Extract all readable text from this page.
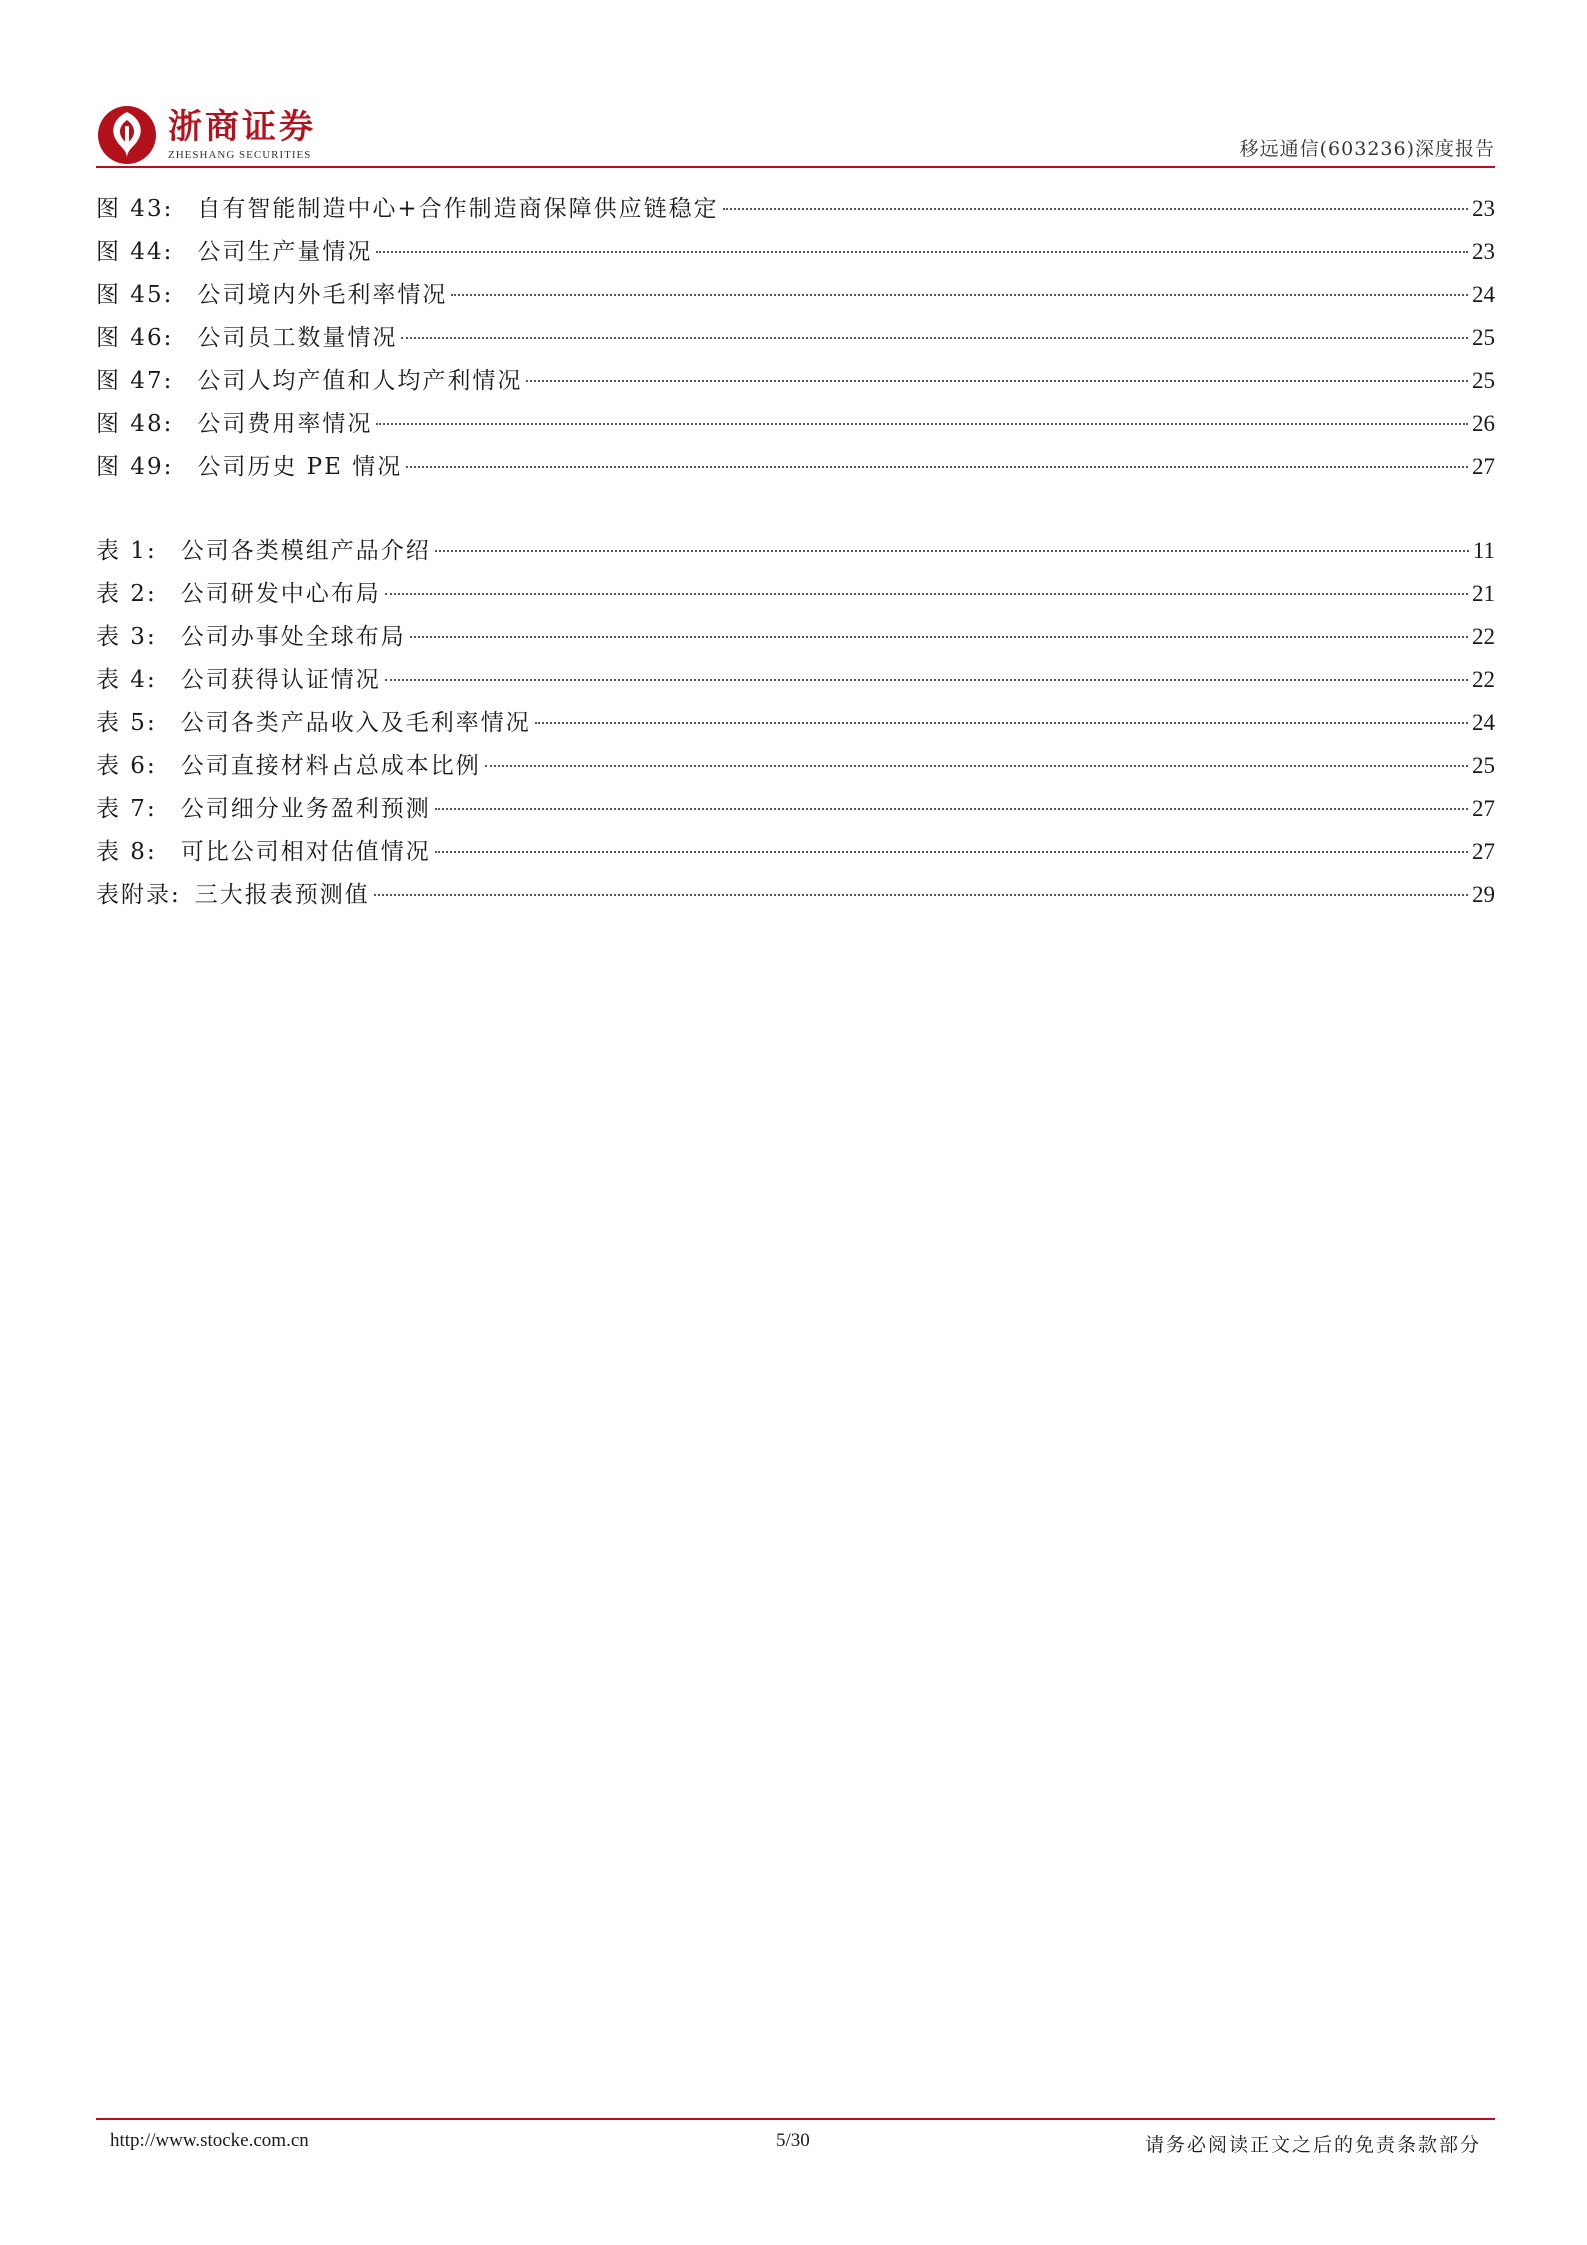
浙商证券
ZHESHANG SECURITIES	移远通信(603236)深度报告
图 43: 自有智能制造中心+合作制造商保障供应链稳定	23
图 44: 公司生产量情况	23
图 45: 公司境内外毛利率情况	24
图 46: 公司员工数量情况	25
图 47: 公司人均产值和人均产利情况	25
图 48: 公司费用率情况	26
图 49: 公司历史 PE 情况	27
表 1: 公司各类模组产品介绍	11
表 2: 公司研发中心布局	21
表 3: 公司办事处全球布局	22
表 4: 公司获得认证情况	22
表 5: 公司各类产品收入及毛利率情况	24
表 6: 公司直接材料占总成本比例	25
表 7: 公司细分业务盈利预测	27
表 8: 可比公司相对估值情况	27
表附录: 三大报表预测值	29
http://www.stocke.com.cn	5/30	请务必阅读正文之后的免责条款部分
